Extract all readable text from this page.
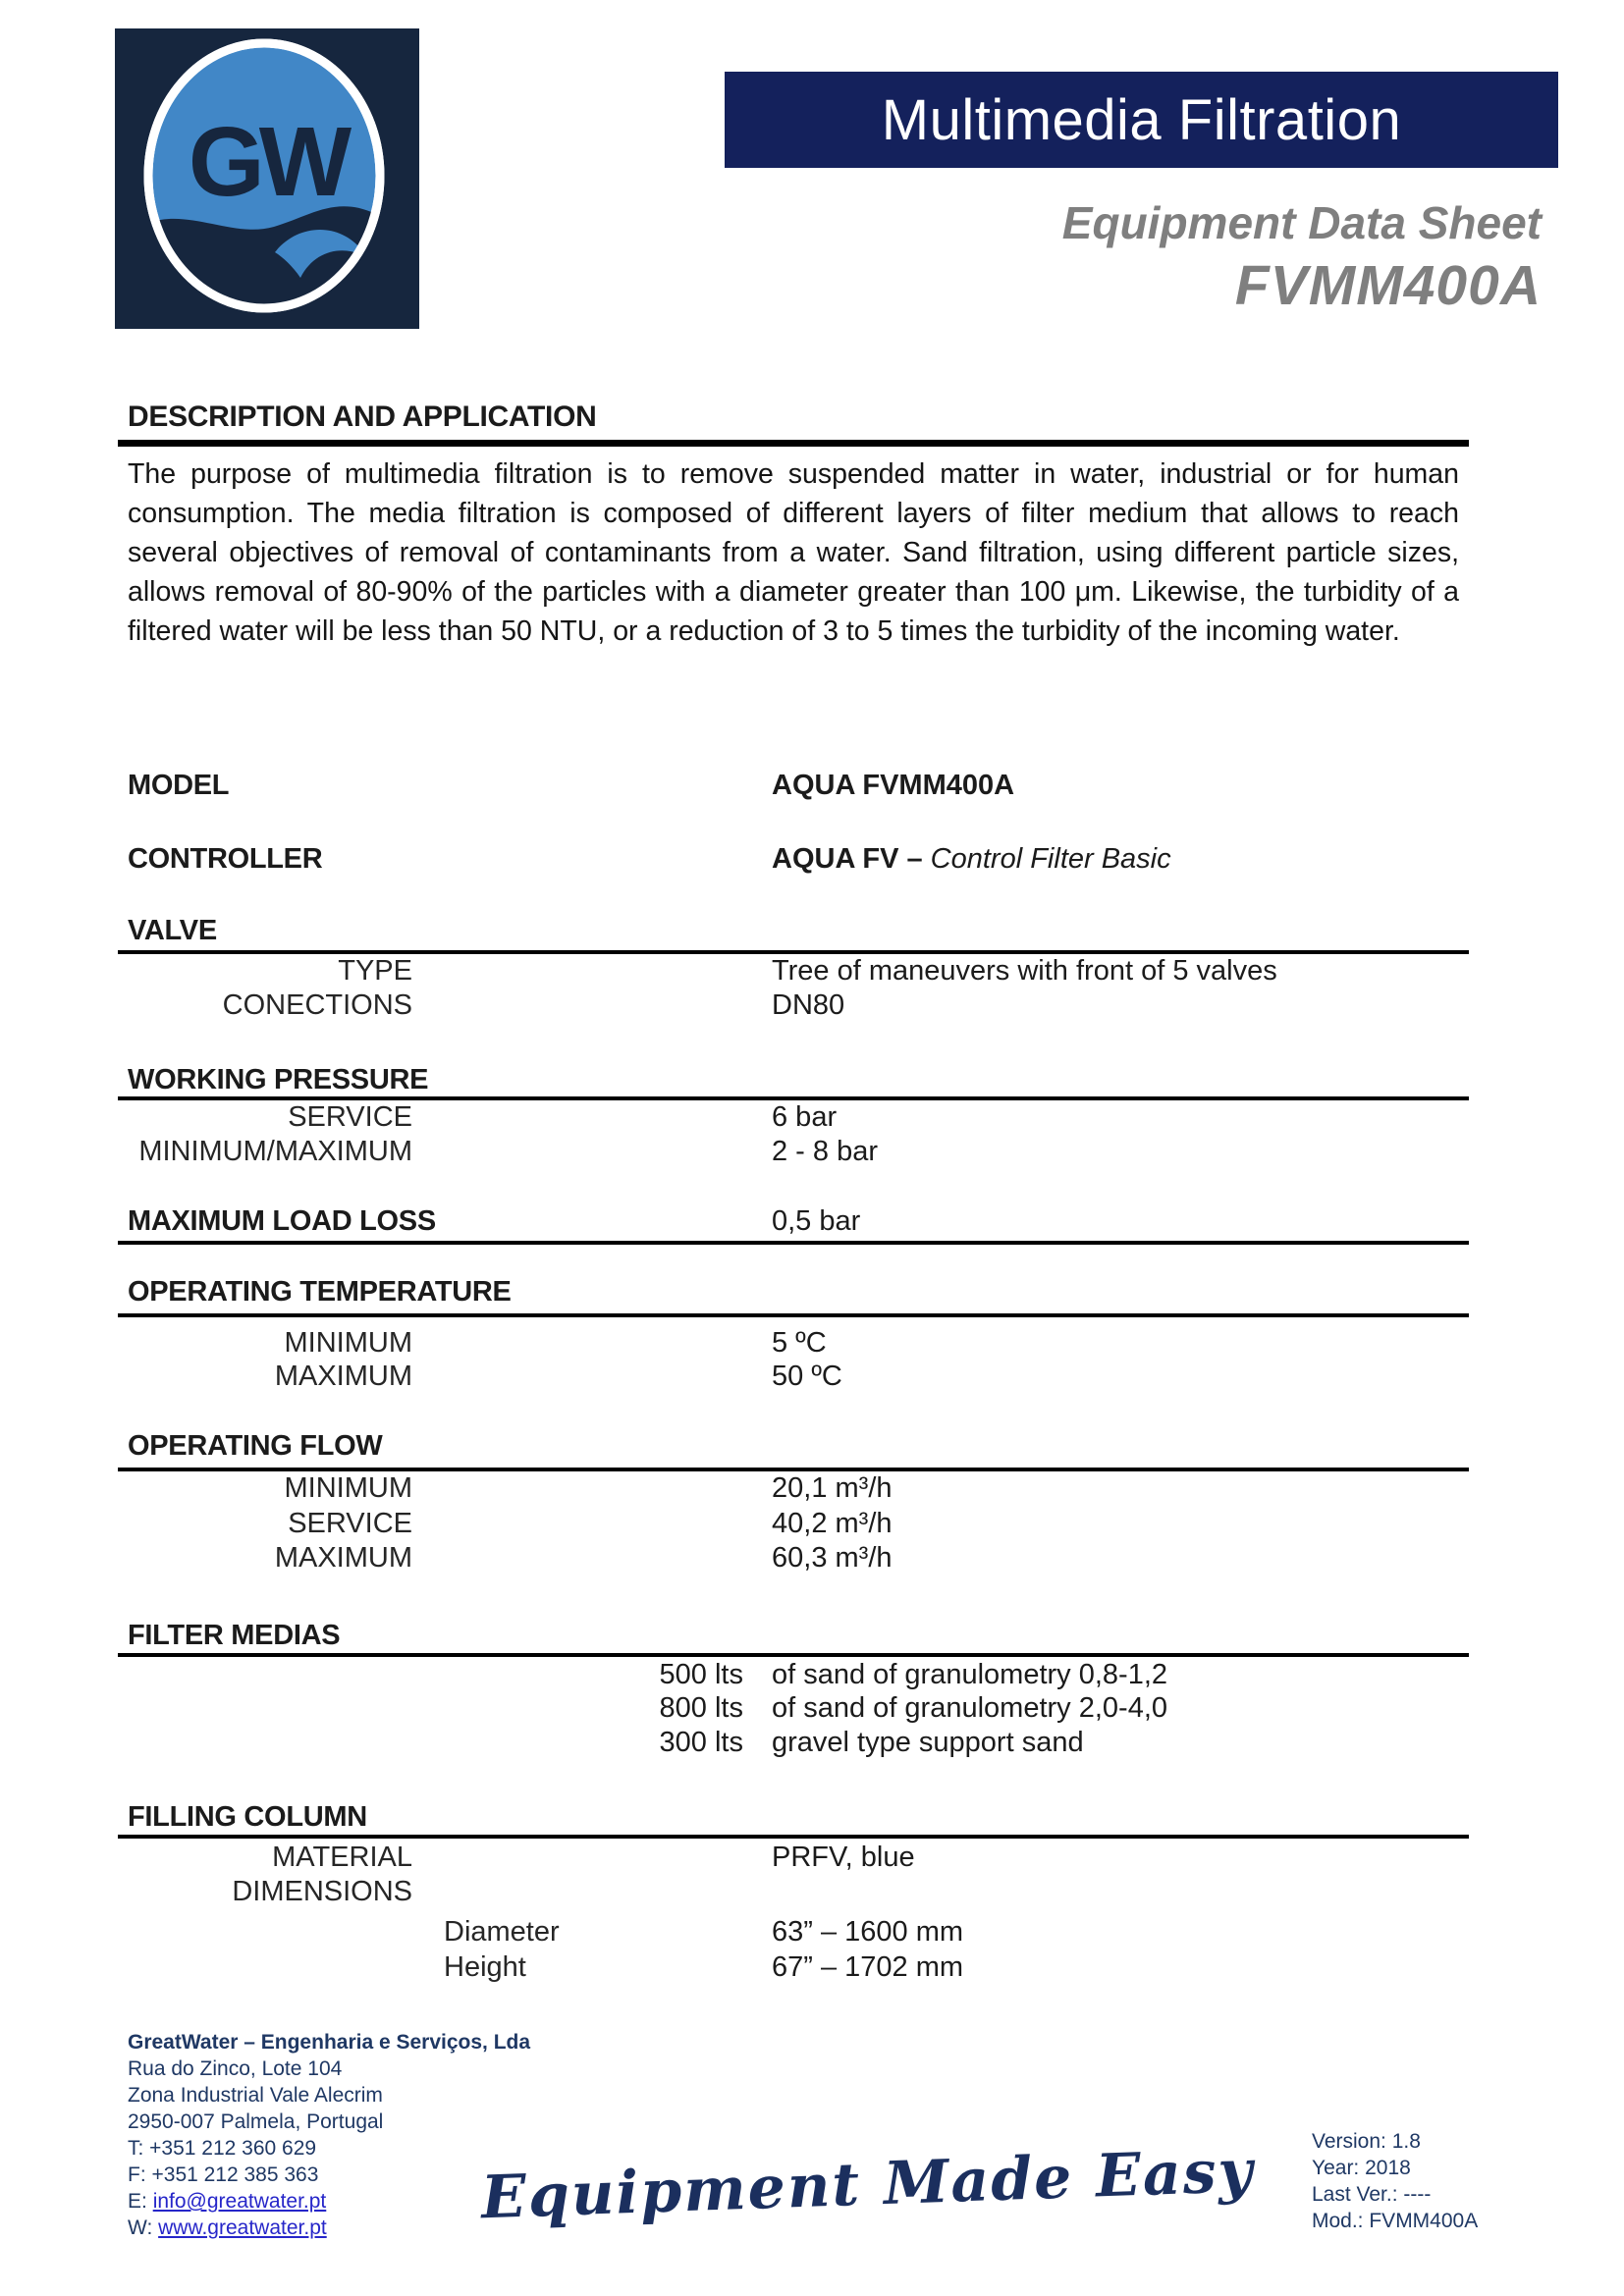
GW	Multimedia Filtration
Equipment Data Sheet
FVMM400A
DESCRIPTION AND APPLICATION
The purpose of multimedia filtration is to remove suspended matter in water, industrial or for human consumption. The media filtration is composed of different layers of filter medium that allows to reach several objectives of removal of contaminants from a water. Sand filtration, using different particle sizes, allows removal of 80-90% of the particles with a diameter greater than 100 μm. Likewise, the turbidity of a filtered water will be less than 50 NTU, or a reduction of 3 to 5 times the turbidity of the incoming water.
MODEL	AQUA FVMM400A
CONTROLLER	AQUA FV – Control Filter Basic
VALVE
TYPE	Tree of maneuvers with front of 5 valves
CONECTIONS	DN80
WORKING PRESSURE
SERVICE	6 bar
MINIMUM/MAXIMUM	2 - 8 bar
MAXIMUM LOAD LOSS	0,5 bar
OPERATING TEMPERATURE
MINIMUM	5 ºC
MAXIMUM	50 ºC
OPERATING FLOW
MINIMUM	20,1 m³/h
SERVICE	40,2 m³/h
MAXIMUM	60,3 m³/h
FILTER MEDIAS
500 lts of sand of granulometry 0,8-1,2
800 lts of sand of granulometry 2,0-4,0
300 lts gravel type support sand
FILLING COLUMN
MATERIAL	PRFV, blue
DIMENSIONS
Diameter	63” – 1600 mm
Height	67” – 1702 mm
GreatWater – Engenharia e Serviços, Lda
Rua do Zinco, Lote 104
Zona Industrial Vale Alecrim
2950-007 Palmela, Portugal
T: +351 212 360 629
F: +351 212 385 363
E: info@greatwater.pt
W: www.greatwater.pt	Equipment Made Easy	Version: 1.8
Year: 2018
Last Ver.: ----
Mod.: FVMM400A
